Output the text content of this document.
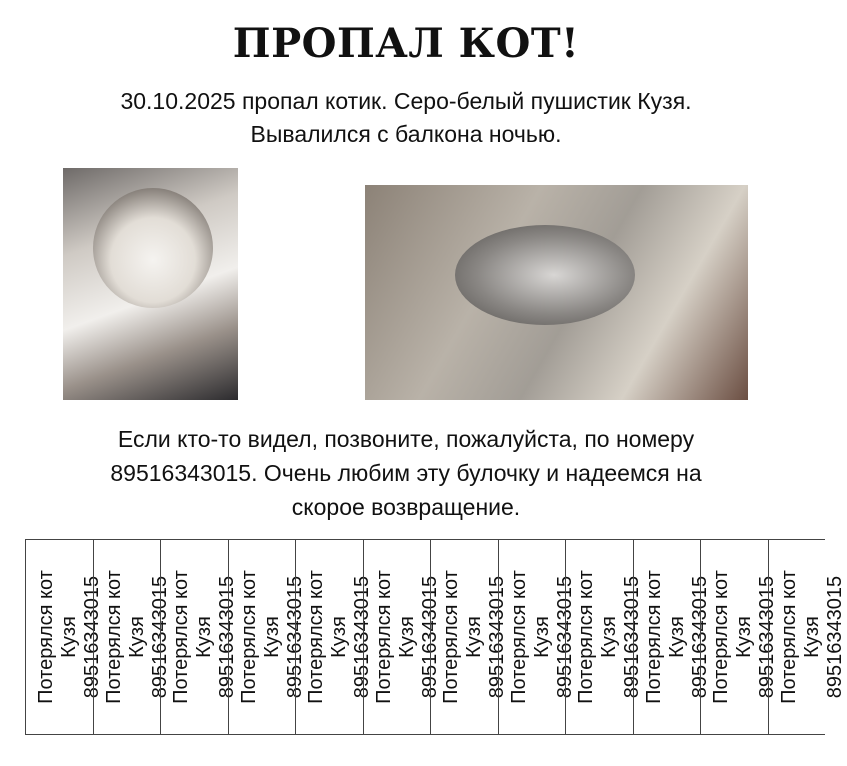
ПРОПАЛ КОТ!
30.10.2025 пропал котик. Серо-белый пушистик Кузя.
Вывалился с балкона ночью.
Если кто-то видел, позвоните, пожалуйста, по номеру
89516343015. Очень любим эту булочку и надеемся на
скорое возвращение.
Потерялся кот Кузя 89516343015 Потерялся кот Кузя 89516343015 Потерялся кот Кузя 89516343015 Потерялся кот Кузя 89516343015 Потерялся кот Кузя 89516343015 Потерялся кот Кузя 89516343015 Потерялся кот Кузя 89516343015 Потерялся кот Кузя 89516343015 Потерялся кот Кузя 89516343015 Потерялся кот Кузя 89516343015 Потерялся кот Кузя 89516343015 Потерялся кот Кузя 89516343015
